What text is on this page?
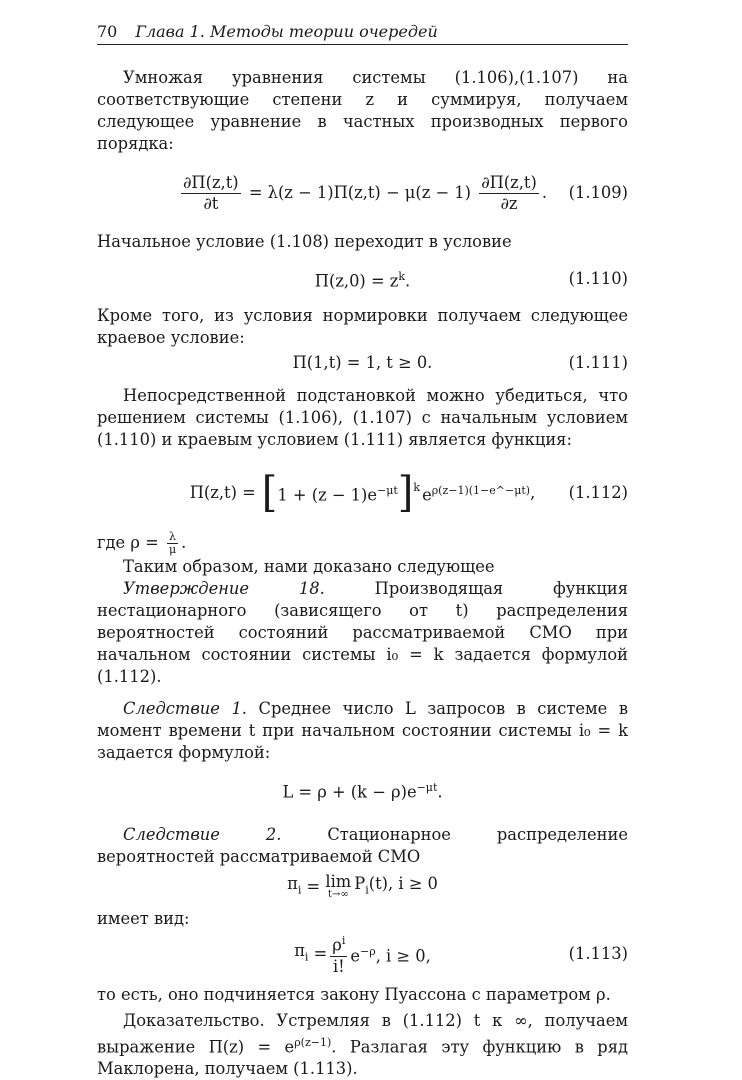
70 Глава 1. Методы теории очередей

Умножая уравнения системы (1.106),(1.107) на соответствующие степени z и суммируя, получаем следующее уравнение в частных производных первого порядка:

$\frac{\partial\Pi(z,t)}{\partial t} = \lambda(z - 1)\Pi(z,t) - \mu(z - 1) \frac{\partial\Pi(z,t)}{\partial z}$ . (1.109)

Начальное условие (1.108) переходит в условие

$\Pi(z,0) = z^k$.	(1.110)

Кроме того, из условия нормировки получаем следующее краевое условие:

Π(1,t) = 1, t ≥ 0.	(1.111)

Непосредственной подстановкой можно убедиться, что решением системы (1.106), (1.107) с начальным условием (1.110) и краевым условием (1.111) является функция:

Π(z,t) = [ $1 + (z - 1)e^{-\mu t}$ ]$^k$ $e^{\rho(z-1)(1-e\^{}-\mu t)}$ , (1.112)

где $\rho = \frac{\lambda}{\mu}$ .

Таким образом, нами доказано следующее

Утверждение 18. Производящая функция нестационарного (зависящего от t) распределения вероятностей состояний рассматриваемой СМО при начальном состоянии системы i₀ = k задается формулой (1.112).

Следствие 1. Среднее число L запросов в системе в момент времени t при начальном состоянии системы i₀ = k задается формулой:

$L = \rho + (k - \rho)e^{-\mu t}$.

Следствие 2. Стационарное распределение вероятностей рассматриваемой СМО

$\pi_i = \lim$
t→∞
$P_i(t)$, i ≥ 0

имеет вид:

$\pi_i = \frac{\rho^i}{i!} e^{-\rho}$, i ≥ 0,	(1.113)

то есть, оно подчиняется закону Пуассона с параметром ρ.

Доказательство. Устремляя в (1.112) t к ∞, получаем выражение $\Pi(z) = e^{\rho(z-1)}$. Разлагая эту функцию в ряд Маклорена, получаем (1.113).
